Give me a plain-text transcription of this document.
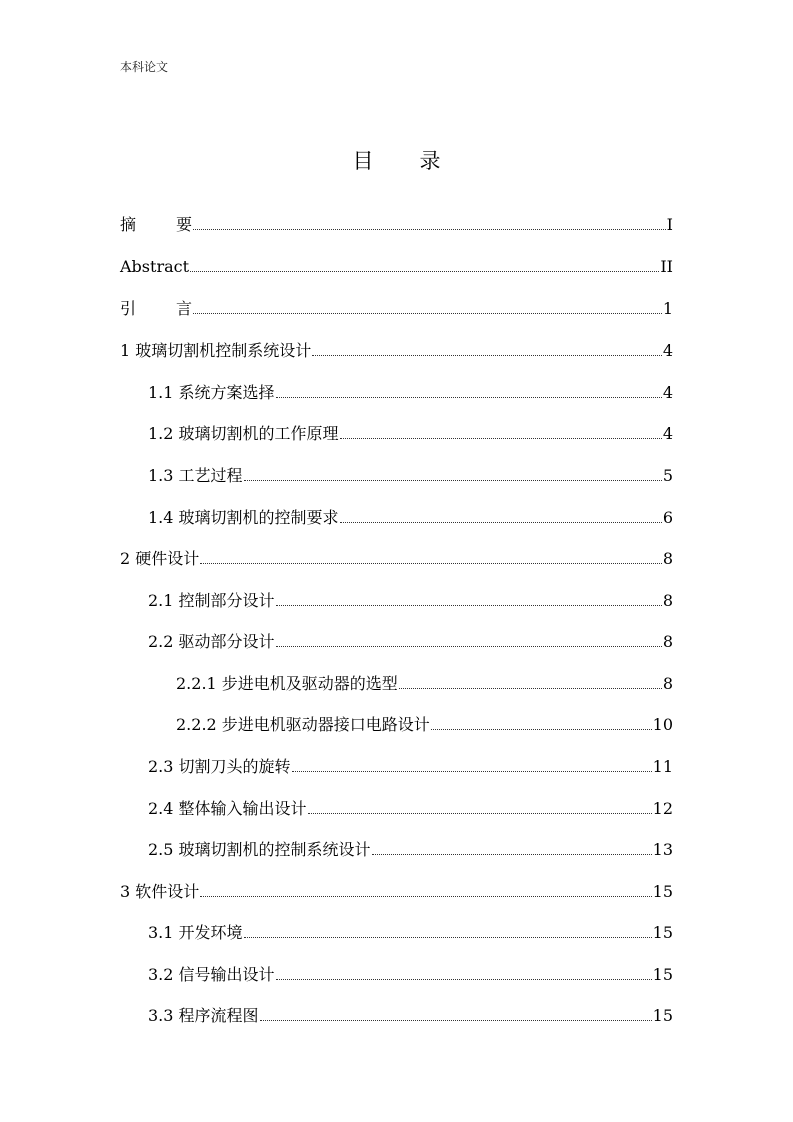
本科论文
目 录
摘	要	I
Abstract	II
引	言	1
1 玻璃切割机控制系统设计	4
1.1 系统方案选择	4
1.2 玻璃切割机的工作原理	4
1.3 工艺过程	5
1.4 玻璃切割机的控制要求	6
2 硬件设计	8
2.1 控制部分设计	8
2.2 驱动部分设计	8
2.2.1 步进电机及驱动器的选型	8
2.2.2 步进电机驱动器接口电路设计	10
2.3 切割刀头的旋转	11
2.4 整体输入输出设计	12
2.5 玻璃切割机的控制系统设计	13
3 软件设计	15
3.1 开发环境	15
3.2 信号输出设计	15
3.3 程序流程图	15
